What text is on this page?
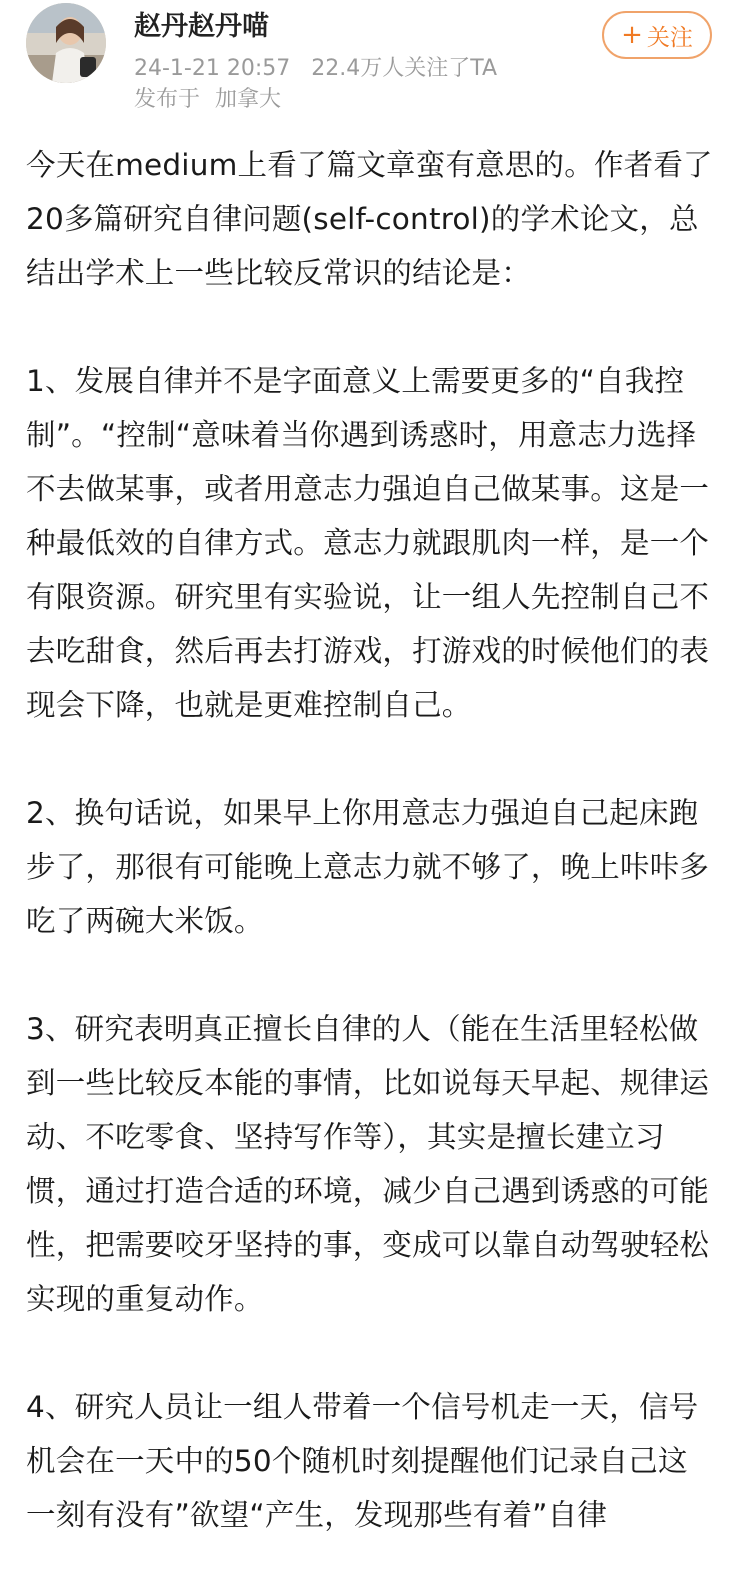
赵丹赵丹喵
24-1-21 20:57 22.4万人关注了TA
发布于 加拿大
+ 关注

今天在medium上看了篇文章蛮有意思的。作者看了20多篇研究自律问题(self-control)的学术论文，总结出学术上一些比较反常识的结论是：

1、发展自律并不是字面意义上需要更多的“自我控制”。“控制“意味着当你遇到诱惑时，用意志力选择不去做某事，或者用意志力强迫自己做某事。这是一种最低效的自律方式。意志力就跟肌肉一样，是一个有限资源。研究里有实验说，让一组人先控制自己不去吃甜食，然后再去打游戏，打游戏的时候他们的表现会下降，也就是更难控制自己。

2、换句话说，如果早上你用意志力强迫自己起床跑步了，那很有可能晚上意志力就不够了，晚上咔咔多吃了两碗大米饭。

3、研究表明真正擅长自律的人（能在生活里轻松做到一些比较反本能的事情，比如说每天早起、规律运动、不吃零食、坚持写作等），其实是擅长建立习惯，通过打造合适的环境，减少自己遇到诱惑的可能性，把需要咬牙坚持的事，变成可以靠自动驾驶轻松实现的重复动作。

4、研究人员让一组人带着一个信号机走一天，信号机会在一天中的50个随机时刻提醒他们记录自己这一刻有没有”欲望“产生，发现那些有着”自律
